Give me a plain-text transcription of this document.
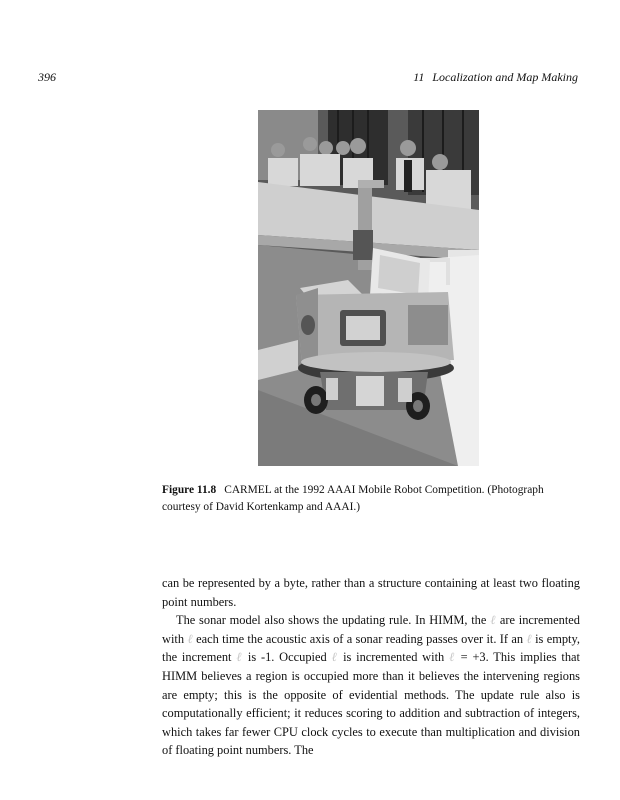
396	11 Localization and Map Making
Figure 11.8 CARMEL at the 1992 AAAI Mobile Robot Competition. (Photograph courtesy of David Kortenkamp and AAAI.)

can be represented by a byte, rather than a structure containing at least two floating point numbers.

The sonar model also shows the updating rule. In HIMM, the ℓ are incremented with ℓ each time the acoustic axis of a sonar reading passes over it. If an ℓ is empty, the increment ℓ is -1. Occupied ℓ is incremented with ℓ = +3. This implies that HIMM believes a region is occupied more than it believes the intervening regions are empty; this is the opposite of evidential methods. The update rule also is computationally efficient; it reduces scoring to addition and subtraction of integers, which takes far fewer CPU clock cycles to execute than multiplication and division of floating point numbers. The
